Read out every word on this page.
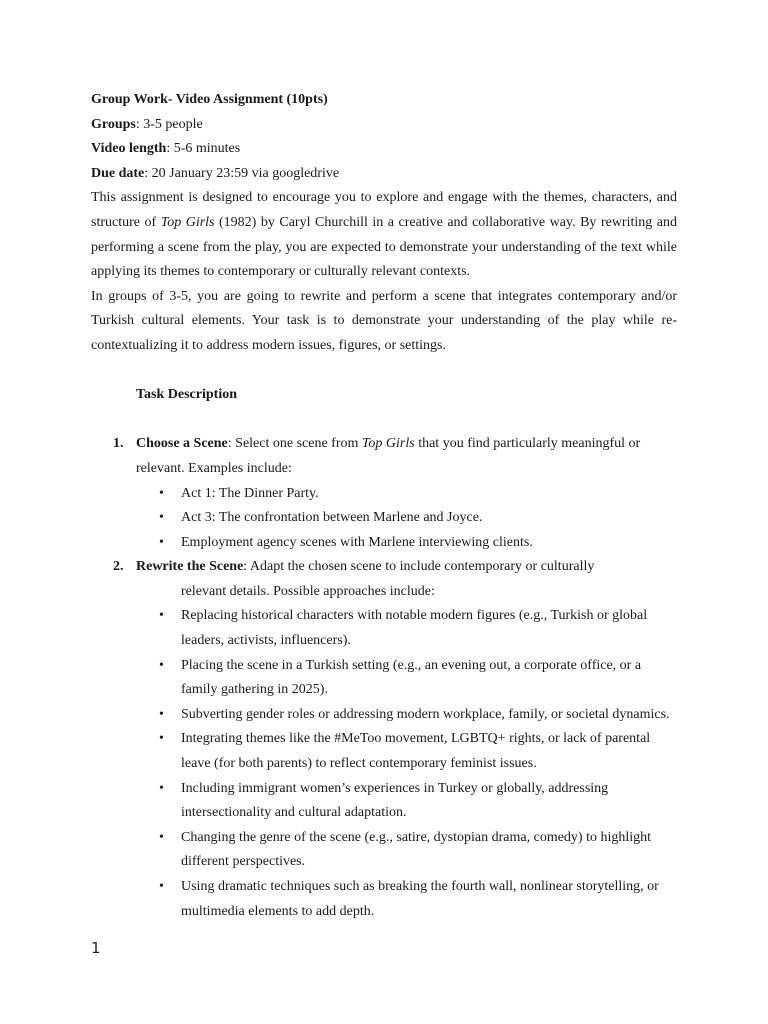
Group Work- Video Assignment (10pts)

Groups: 3-5 people

Video length: 5-6 minutes

Due date: 20 January 23:59 via googledrive

This assignment is designed to encourage you to explore and engage with the themes, characters, and structure of Top Girls (1982) by Caryl Churchill in a creative and collaborative way. By rewriting and performing a scene from the play, you are expected to demonstrate your understanding of the text while applying its themes to contemporary or culturally relevant contexts.

In groups of 3-5, you are going to rewrite and perform a scene that integrates contemporary and/or Turkish cultural elements. Your task is to demonstrate your understanding of the play while re-contextualizing it to address modern issues, figures, or settings.

Task Description

1. Choose a Scene: Select one scene from Top Girls that you find particularly meaningful or relevant. Examples include:
• Act 1: The Dinner Party.
• Act 3: The confrontation between Marlene and Joyce.
• Employment agency scenes with Marlene interviewing clients.
2. Rewrite the Scene: Adapt the chosen scene to include contemporary or culturally

relevant details. Possible approaches include:

• Replacing historical characters with notable modern figures (e.g., Turkish or global leaders, activists, influencers).
• Placing the scene in a Turkish setting (e.g., an evening out, a corporate office, or a family gathering in 2025).
• Subverting gender roles or addressing modern workplace, family, or societal dynamics.
• Integrating themes like the #MeToo movement, LGBTQ+ rights, or lack of parental leave (for both parents) to reflect contemporary feminist issues.
• Including immigrant women’s experiences in Turkey or globally, addressing intersectionality and cultural adaptation.
• Changing the genre of the scene (e.g., satire, dystopian drama, comedy) to highlight different perspectives.
• Using dramatic techniques such as breaking the fourth wall, nonlinear storytelling, or multimedia elements to add depth.
1
